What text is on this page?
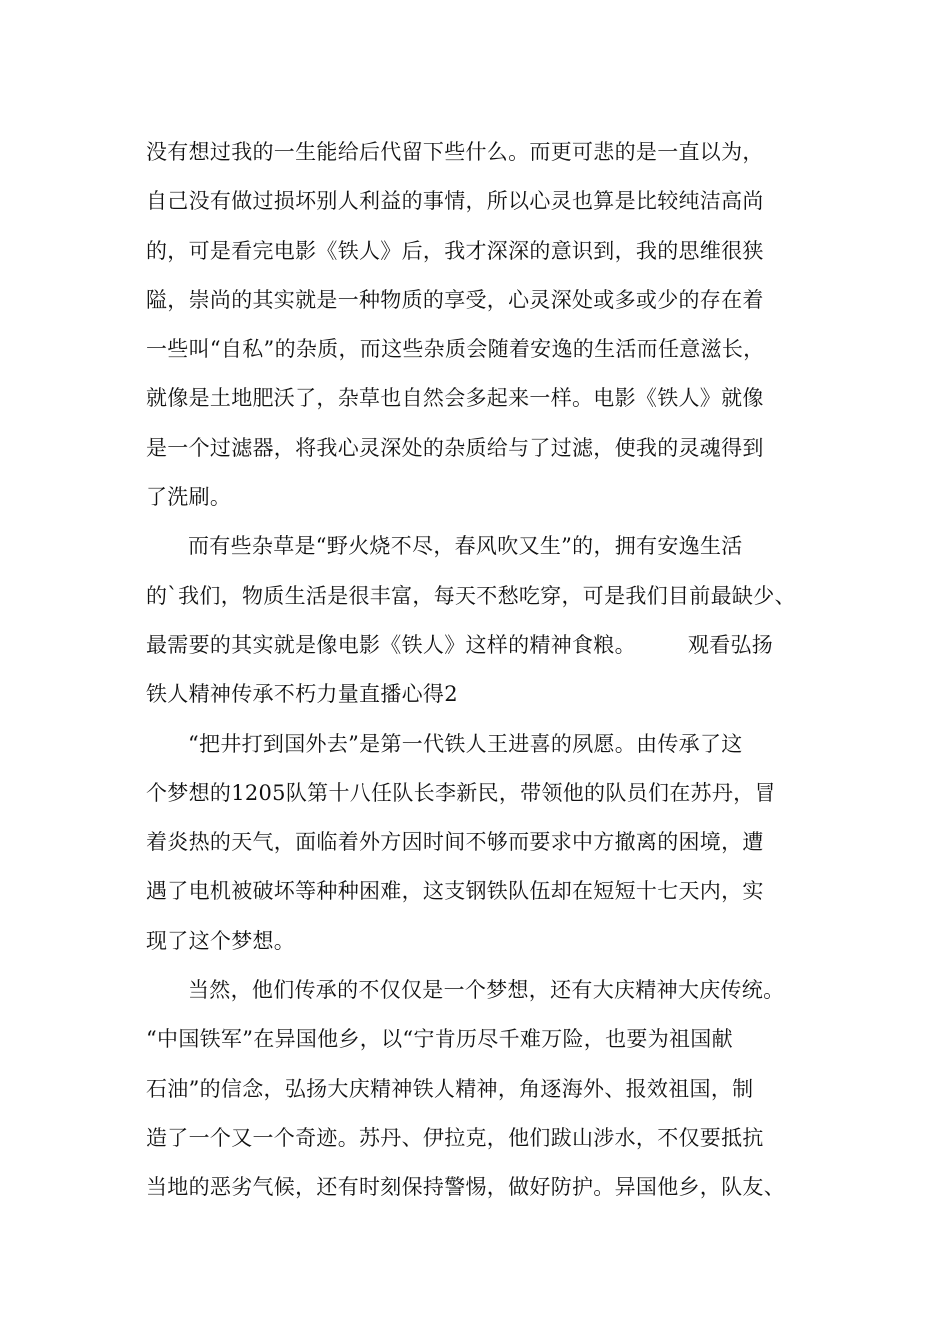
没有想过我的一生能给后代留下些什么。而更可悲的是一直以为，
自己没有做过损坏别人利益的事情，所以心灵也算是比较纯洁高尚
的，可是看完电影《铁人》后，我才深深的意识到，我的思维很狭
隘，崇尚的其实就是一种物质的享受，心灵深处或多或少的存在着
一些叫“自私”的杂质，而这些杂质会随着安逸的生活而任意滋长，
就像是土地肥沃了，杂草也自然会多起来一样。电影《铁人》就像
是一个过滤器，将我心灵深处的杂质给与了过滤，使我的灵魂得到
了洗刷。
而有些杂草是“野火烧不尽，春风吹又生”的，拥有安逸生活
的`我们，物质生活是很丰富，每天不愁吃穿，可是我们目前最缺少、
最需要的其实就是像电影《铁人》这样的精神食粮。 观看弘扬
铁人精神传承不朽力量直播心得2
“把井打到国外去”是第一代铁人王进喜的夙愿。由传承了这
个梦想的1205队第十八任队长李新民，带领他的队员们在苏丹，冒
着炎热的天气，面临着外方因时间不够而要求中方撤离的困境，遭
遇了电机被破坏等种种困难，这支钢铁队伍却在短短十七天内，实
现了这个梦想。
当然，他们传承的不仅仅是一个梦想，还有大庆精神大庆传统。
“中国铁军”在异国他乡，以“宁肯历尽千难万险，也要为祖国献
石油”的信念，弘扬大庆精神铁人精神，角逐海外、报效祖国，制
造了一个又一个奇迹。苏丹、伊拉克，他们跋山涉水，不仅要抵抗
当地的恶劣气候，还有时刻保持警惕，做好防护。异国他乡，队友、
